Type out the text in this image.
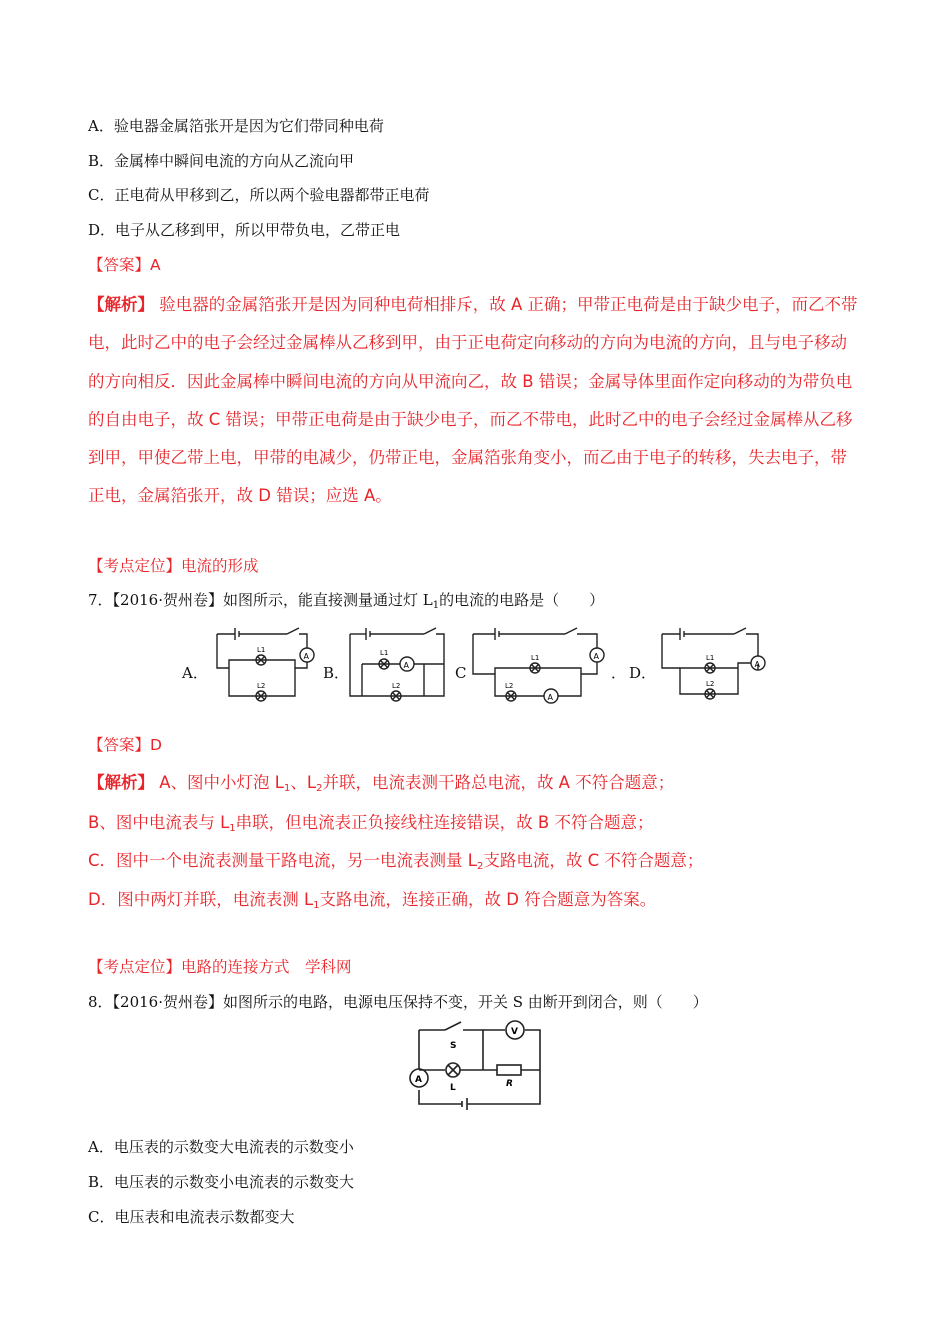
A．验电器金属箔张开是因为它们带同种电荷
B．金属棒中瞬间电流的方向从乙流向甲
C．正电荷从甲移到乙，所以两个验电器都带正电荷
D．电子从乙移到甲，所以甲带负电，乙带正电
【答案】A
【解析】 验电器的金属箔张开是因为同种电荷相排斥，故 A 正确；甲带正电荷是由于缺少电子，而乙不带
电，此时乙中的电子会经过金属棒从乙移到甲，由于正电荷定向移动的方向为电流的方向，且与电子移动
的方向相反．因此金属棒中瞬间电流的方向从甲流向乙，故 B 错误；金属导体里面作定向移动的为带负电
的自由电子，故 C 错误；甲带正电荷是由于缺少电子，而乙不带电，此时乙中的电子会经过金属棒从乙移
到甲，甲使乙带上电，甲带的电减少，仍带正电，金属箔张角变小，而乙由于电子的转移，失去电子，带
正电，金属箔张开，故 D 错误；应选 A。
【考点定位】电流的形成
7．【2016·贺州卷】如图所示，能直接测量通过灯 $L_1$的电流的电路是（　　）
A．	B．	C	． D．
A
L1
L2
A
L1
L2
A
A
L1
L2
A
L1
L2
【答案】D
【解析】 A、图中小灯泡 $L_1$、$L_2$并联，电流表测干路总电流，故 A 不符合题意；
B、图中电流表与 $L_1$串联，但电流表正负接线柱连接错误，故 B 不符合题意；
C．图中一个电流表测量干路电流，另一电流表测量 $L_2$支路电流，故 C 不符合题意；
D．图中两灯并联，电流表测 $L_1$支路电流，连接正确，故 D 符合题意为答案。
【考点定位】电路的连接方式　学科网
8．【2016·贺州卷】如图所示的电路，电源电压保持不变，开关 S 由断开到闭合，则（　　）
S
V
L	R
A
A．电压表的示数变大电流表的示数变小
B．电压表的示数变小电流表的示数变大
C．电压表和电流表示数都变大
